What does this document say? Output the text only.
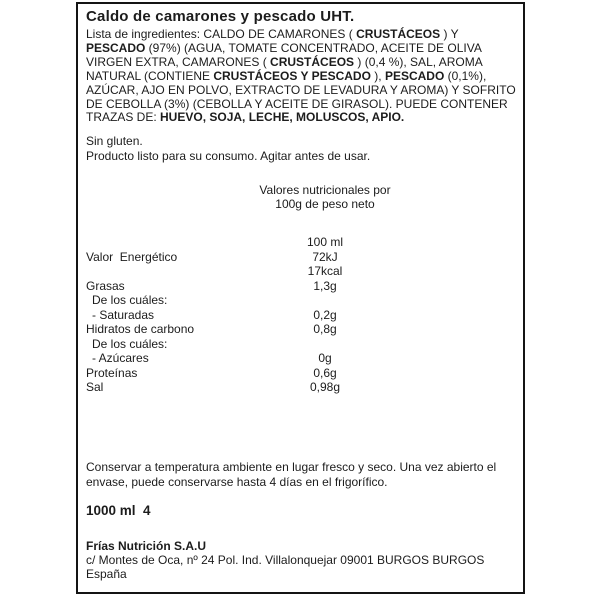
Caldo de camarones y pescado UHT.
Lista de ingredientes: CALDO DE CAMARONES ( CRUSTÁCEOS ) Y PESCADO (97%) (AGUA, TOMATE CONCENTRADO, ACEITE DE OLIVA VIRGEN EXTRA, CAMARONES ( CRUSTÁCEOS ) (0,4 %), SAL, AROMA NATURAL (CONTIENE CRUSTÁCEOS Y PESCADO ), PESCADO (0,1%), AZÚCAR, AJO EN POLVO, EXTRACTO DE LEVADURA Y AROMA) Y SOFRITO DE CEBOLLA (3%) (CEBOLLA Y ACEITE DE GIRASOL). PUEDE CONTENER TRAZAS DE: HUEVO, SOJA, LECHE, MOLUSCOS, APIO.
Sin gluten.
Producto listo para su consumo. Agitar antes de usar.
Valores nutricionales por
100g de peso neto

100 ml

Valor  Energético	72kJ
17kcal
Grasas	1,3g
De los cuáles:
- Saturadas	0,2g
Hidratos de carbono	0,8g
De los cuáles:
- Azúcares	0g
Proteínas	0,6g
Sal	0,98g
Conservar a temperatura ambiente en lugar fresco y seco. Una vez abierto el envase, puede conservarse hasta 4 días en el frigorífico.
1000 ml  4
Frías Nutrición S.A.U
c/ Montes de Oca, nº 24 Pol. Ind. Villalonquejar 09001 BURGOS BURGOS
España
